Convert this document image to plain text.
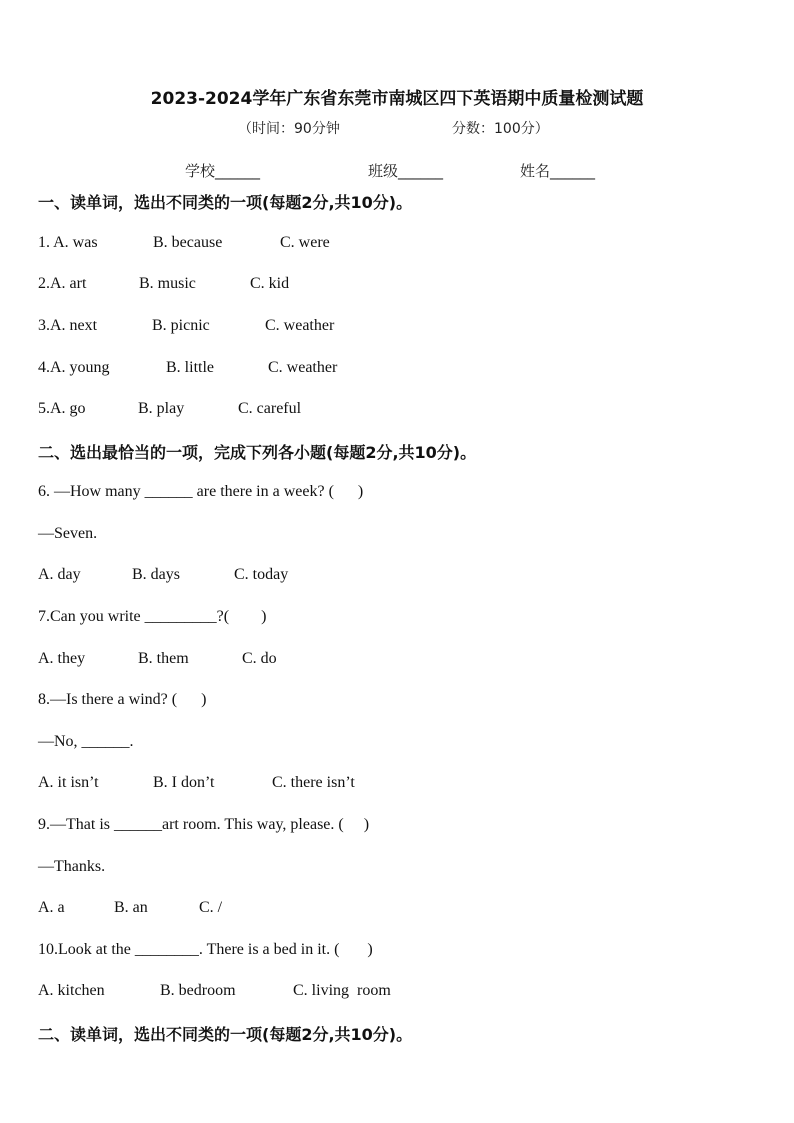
2023-2024学年广东省东莞市南城区四下英语期中质量检测试题
（时间：90分钟	分数：100分）
学校______	班级______	姓名______
一、读单词，选出不同类的一项(每题2分,共10分)。
1. A. was	B. because	C. were
2.A. art	B. music	C. kid
3.A. next	B. picnic	C. weather
4.A. young	B. little	C. weather
5.A. go	B. play	C. careful
二、选出最恰当的一项，完成下列各小题(每题2分,共10分)。
6. —How many ______ are there in a week? (      )
—Seven.
A. day	B. days	C. today
7.Can you write _________?(        )
A. they	B. them	C. do
8.—Is there a wind? (      )
—No, ______.
A. it isn’t	B. I don’t	C. there isn’t
9.—That is ______art room. This way, please. (     )
—Thanks.
A. a	B. an	C. /
10.Look at the ________. There is a bed in it. (       )
A. kitchen	B. bedroom	C. living  room
二、读单词，选出不同类的一项(每题2分,共10分)。
